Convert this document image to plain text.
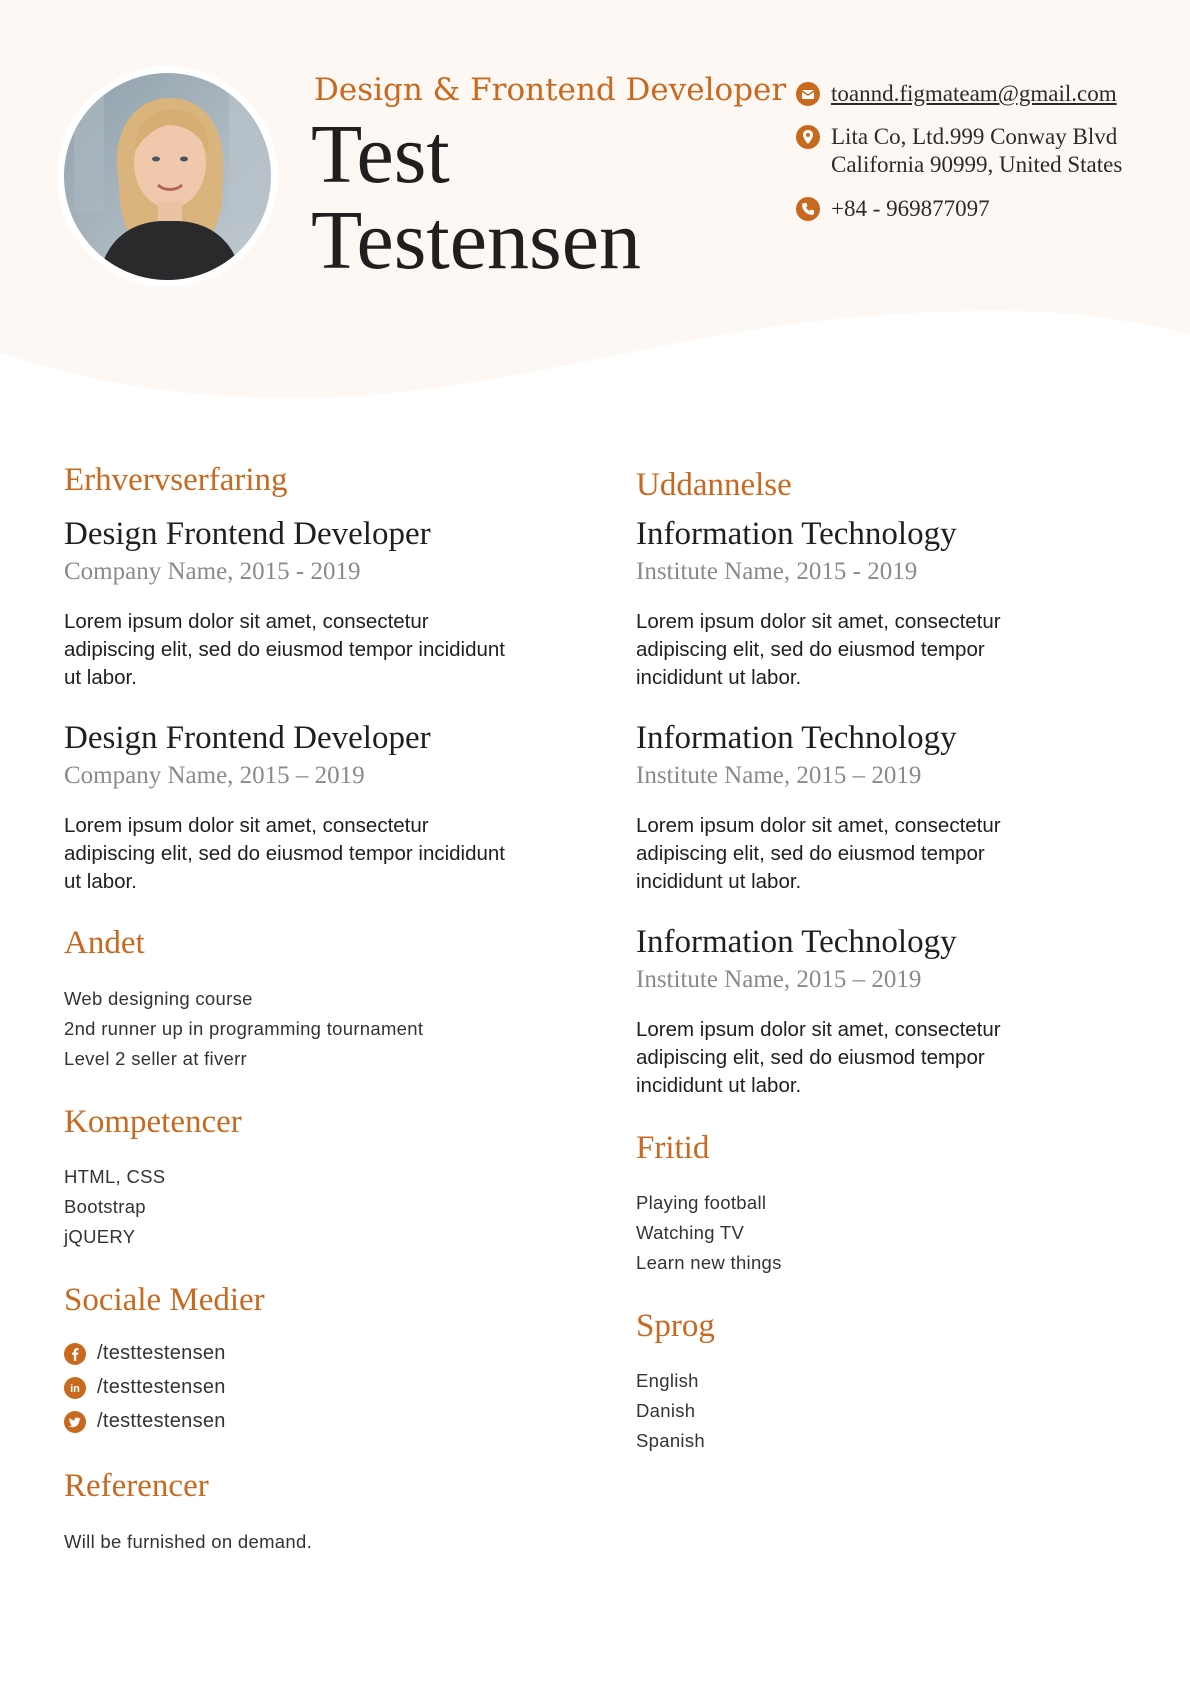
Design & Frontend Developer
Test
Testensen
toannd.figmateam@gmail.com
Lita Co, Ltd.999 Conway Blvd
California 90999, United States
+84 - 969877097
Erhvervserfaring
Design Frontend Developer
Company Name, 2015 - 2019
Lorem ipsum dolor sit amet, consectetur
adipiscing elit, sed do eiusmod tempor incididunt
ut labor.
Design Frontend Developer
Company Name, 2015 – 2019
Lorem ipsum dolor sit amet, consectetur
adipiscing elit, sed do eiusmod tempor incididunt
ut labor.
Andet
Web designing course
2nd runner up in programming tournament
Level 2 seller at fiverr
Kompetencer
HTML, CSS
Bootstrap
jQUERY
Sociale Medier
/testtestensen
in /testtestensen
/testtestensen
Referencer
Will be furnished on demand.
Uddannelse
Information Technology
Institute Name, 2015 - 2019
Lorem ipsum dolor sit amet, consectetur
adipiscing elit, sed do eiusmod tempor
incididunt ut labor.
Information Technology
Institute Name, 2015 – 2019
Lorem ipsum dolor sit amet, consectetur
adipiscing elit, sed do eiusmod tempor
incididunt ut labor.
Information Technology
Institute Name, 2015 – 2019
Lorem ipsum dolor sit amet, consectetur
adipiscing elit, sed do eiusmod tempor
incididunt ut labor.
Fritid
Playing football
Watching TV
Learn new things
Sprog
English
Danish
Spanish
